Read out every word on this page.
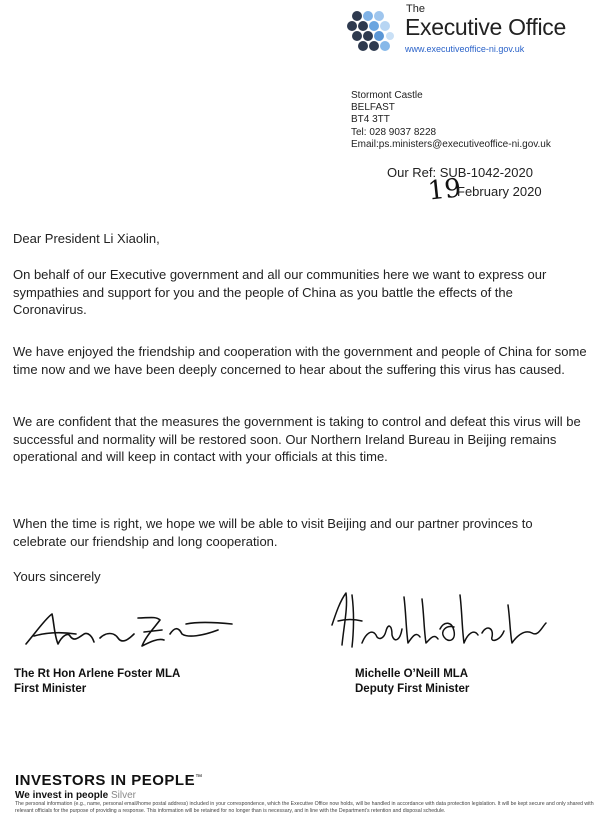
The
Executive Office
www.executiveoffice-ni.gov.uk
Stormont Castle
BELFAST
BT4 3TT
Tel: 028 9037 8228
Email:ps.ministers@executiveoffice-ni.gov.uk
Our Ref: SUB-1042-2020
19
February 2020
Dear President Li Xiaolin,

On behalf of our Executive government and all our communities here we want to express our sympathies and support for you and the people of China as you battle the effects of the Coronavirus.

We have enjoyed the friendship and cooperation with the government and people of China for some time now and we have been deeply concerned to hear about the suffering this virus has caused.

We are confident that the measures the government is taking to control and defeat this virus will be successful and normality will be restored soon. Our Northern Ireland Bureau in Beijing remains operational and will keep in contact with your officials at this time.

When the time is right, we hope we will be able to visit Beijing and our partner provinces to celebrate our friendship and long cooperation.

Yours sincerely
The Rt Hon Arlene Foster MLA
First Minister
Michelle O’Neill MLA
Deputy First Minister
INVESTORS IN PEOPLE™
We invest in people Silver
The personal information (e.g., name, personal email/home postal address) included in your correspondence, which the Executive Office now holds, will be handled in accordance with data protection legislation. It will be kept secure and only shared with relevant officials for the purpose of providing a response. This information will be retained for no longer than is necessary, and in line with the Department’s retention and disposal schedule.
